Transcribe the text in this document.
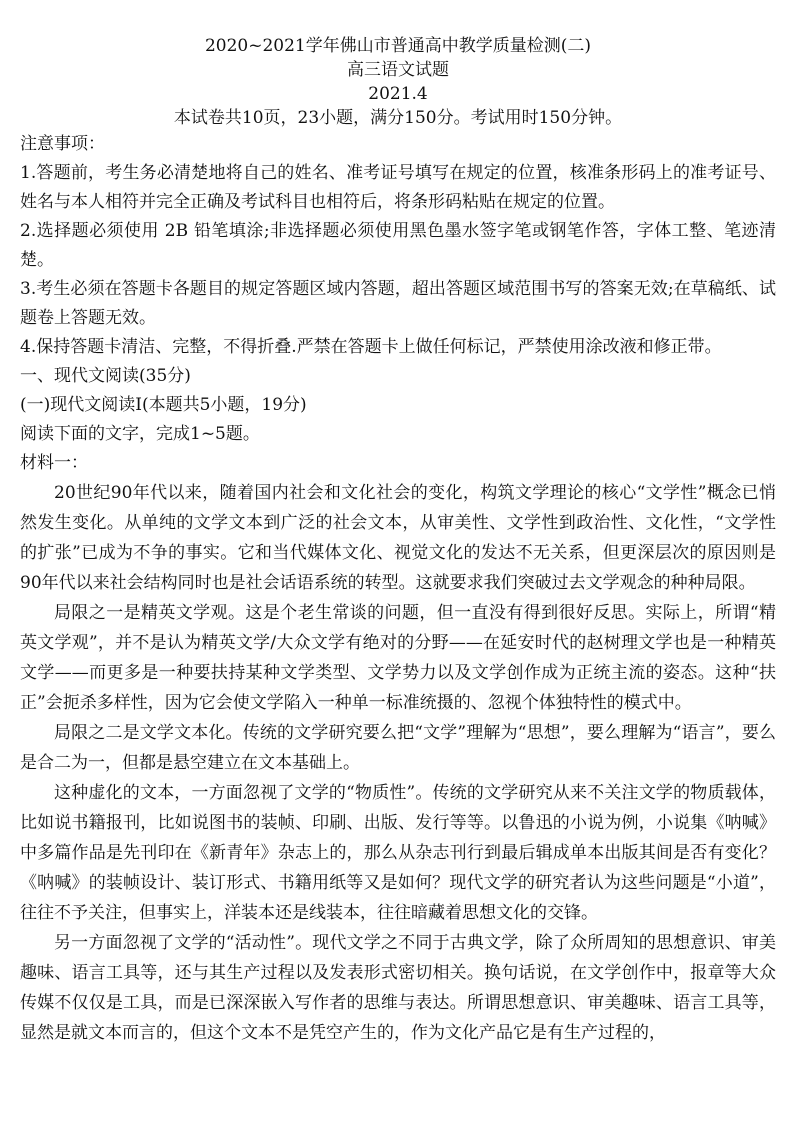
2020~2021学年佛山市普通高中教学质量检测(二)

高三语文试题

2021.4

本试卷共10页，23小题，满分150分。考试用时150分钟。

注意事项：

1.答题前，考生务必清楚地将自己的姓名、准考证号填写在规定的位置，核准条形码上的准考证号、姓名与本人相符并完全正确及考试科目也相符后，将条形码粘贴在规定的位置。

2.选择题必须使用 2B 铅笔填涂;非选择题必须使用黑色墨水签字笔或钢笔作答，字体工整、笔迹清楚。

3.考生必须在答题卡各题目的规定答题区域内答题，超出答题区域范围书写的答案无效;在草稿纸、试题卷上答题无效。

4.保持答题卡清洁、完整，不得折叠.严禁在答题卡上做任何标记，严禁使用涂改液和修正带。

一、现代文阅读(35分)

(一)现代文阅读Ⅰ(本题共5小题，19分)

阅读下面的文字，完成1~5题。

材料一：

20世纪90年代以来，随着国内社会和文化社会的变化，构筑文学理论的核心“文学性”概念已悄然发生变化。从单纯的文学文本到广泛的社会文本，从审美性、文学性到政治性、文化性，“文学性的扩张”已成为不争的事实。它和当代媒体文化、视觉文化的发达不无关系，但更深层次的原因则是90年代以来社会结构同时也是社会话语系统的转型。这就要求我们突破过去文学观念的种种局限。

局限之一是精英文学观。这是个老生常谈的问题，但一直没有得到很好反思。实际上，所谓“精英文学观”，并不是认为精英文学/大众文学有绝对的分野——在延安时代的赵树理文学也是一种精英文学——而更多是一种要扶持某种文学类型、文学势力以及文学创作成为正统主流的姿态。这种“扶正”会扼杀多样性，因为它会使文学陷入一种单一标准统摄的、忽视个体独特性的模式中。

局限之二是文学文本化。传统的文学研究要么把“文学”理解为“思想”，要么理解为“语言”，要么是合二为一，但都是悬空建立在文本基础上。

这种虚化的文本，一方面忽视了文学的“物质性”。传统的文学研究从来不关注文学的物质载体，比如说书籍报刊，比如说图书的装帧、印刷、出版、发行等等。以鲁迅的小说为例，小说集《呐喊》中多篇作品是先刊印在《新青年》杂志上的，那么从杂志刊行到最后辑成单本出版其间是否有变化？《呐喊》的装帧设计、装订形式、书籍用纸等又是如何？现代文学的研究者认为这些问题是“小道”，往往不予关注，但事实上，洋装本还是线装本，往往暗藏着思想文化的交锋。

另一方面忽视了文学的“活动性”。现代文学之不同于古典文学，除了众所周知的思想意识、审美趣味、语言工具等，还与其生产过程以及发表形式密切相关。换句话说，在文学创作中，报章等大众传媒不仅仅是工具，而是已深深嵌入写作者的思维与表达。所谓思想意识、审美趣味、语言工具等，显然是就文本而言的，但这个文本不是凭空产生的，作为文化产品它是有生产过程的，
